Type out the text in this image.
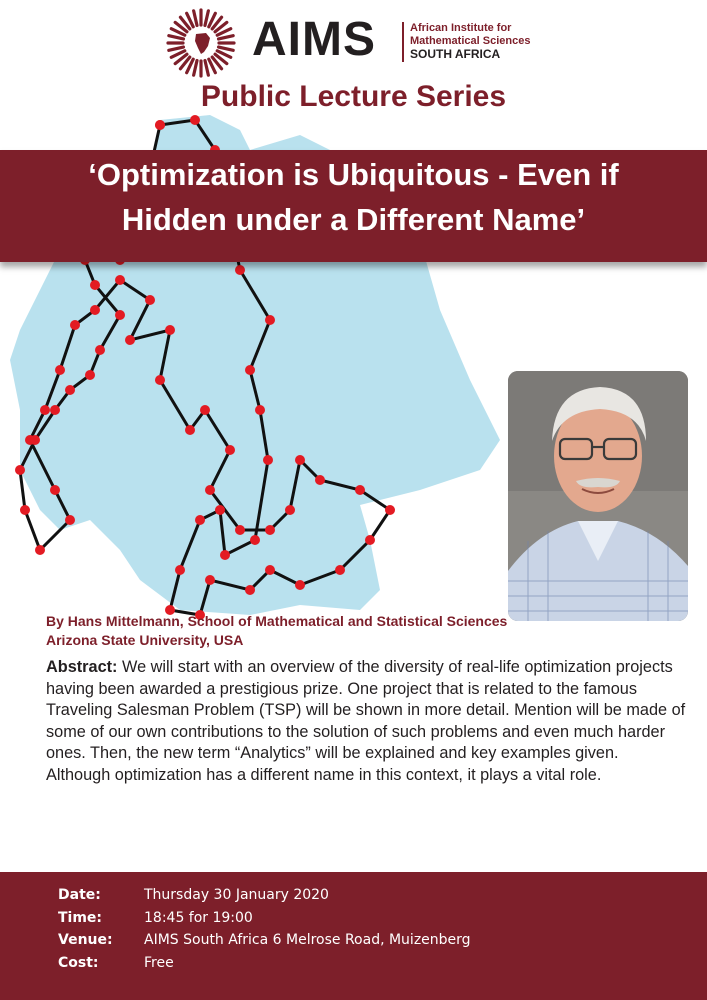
AIMS	African Institute for
Mathematical Sciences
SOUTH AFRICA
Public Lecture Series
‘Optimization is Ubiquitous - Even if
Hidden under a Different Name’
By Hans Mittelmann, School of Mathematical and Statistical Sciences
Arizona State University, USA
Abstract: We will start with an overview of the diversity of real-life optimization projects having been awarded a prestigious prize. One project that is related to the famous Traveling Salesman Problem (TSP) will be shown in more detail. Mention will be made of some of our own contributions to the solution of such problems and even much harder ones. Then, the new term “Analytics” will be explained and key examples given. Although optimization has a different name in this context, it plays a vital role.
Date:	Thursday 30 January 2020
Time:	18:45 for 19:00
Venue:	AIMS South Africa 6 Melrose Road, Muizenberg
Cost:	Free
